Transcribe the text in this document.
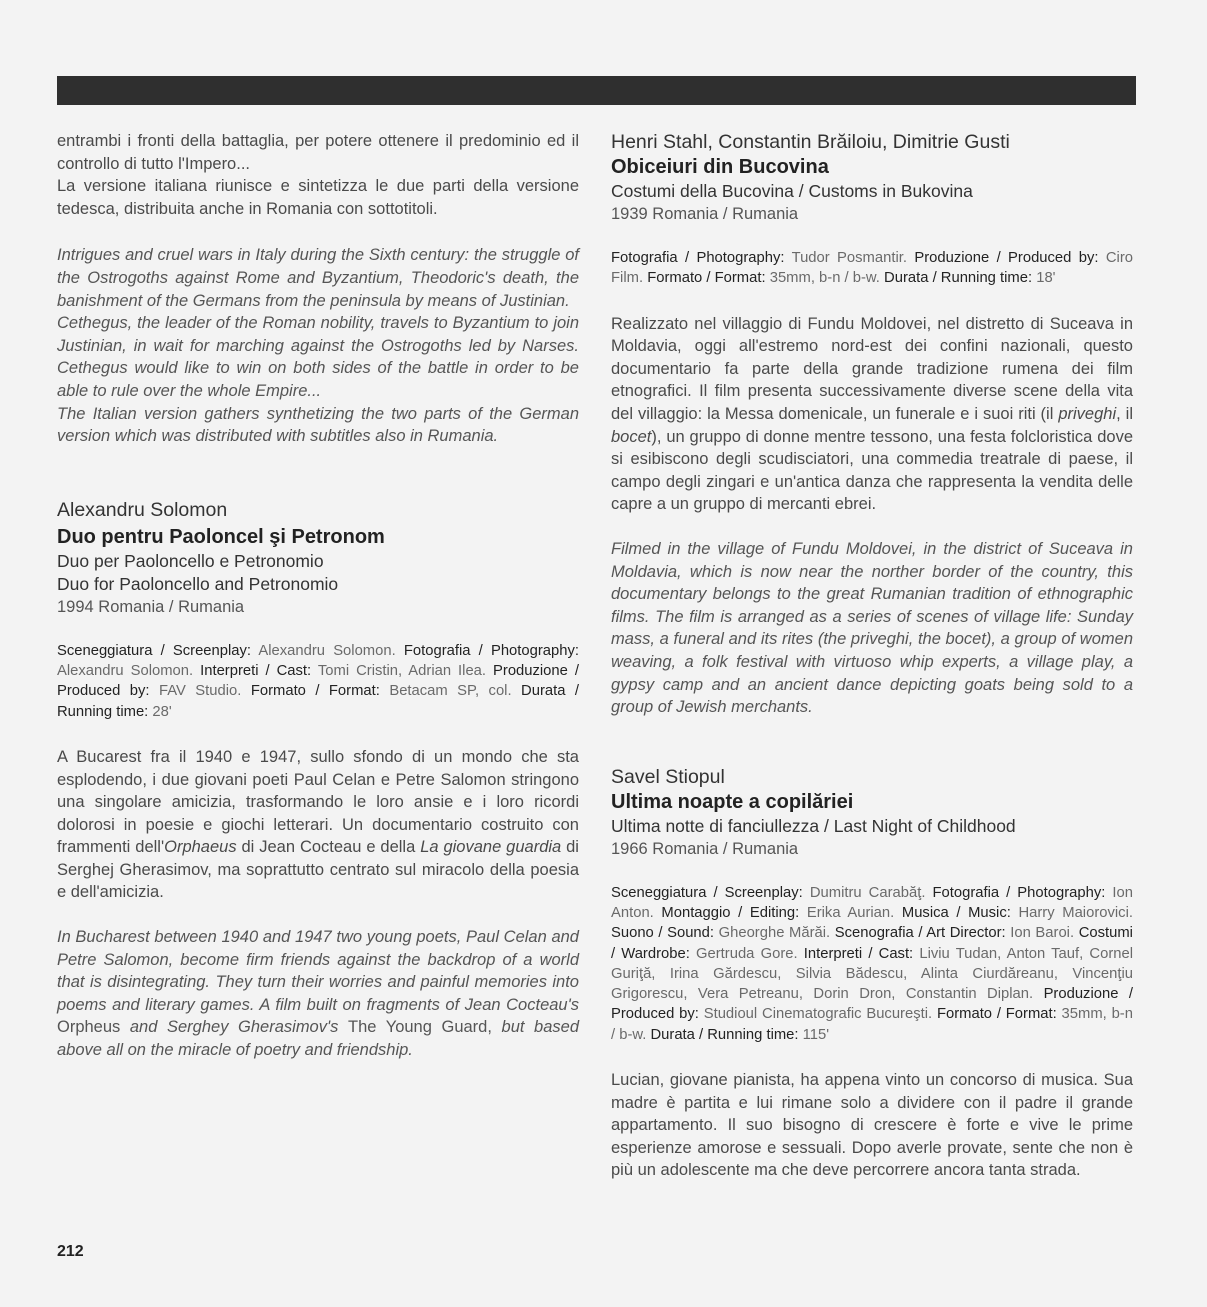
entrambi i fronti della battaglia, per potere ottenere il predominio ed il controllo di tutto l'Impero...

La versione italiana riunisce e sintetizza le due parti della versione tedesca, distribuita anche in Romania con sottotitoli.

Intrigues and cruel wars in Italy during the Sixth century: the struggle of the Ostrogoths against Rome and Byzantium, Theodoric's death, the banishment of the Germans from the peninsula by means of Justinian.

Cethegus, the leader of the Roman nobility, travels to Byzantium to join Justinian, in wait for marching against the Ostrogoths led by Narses. Cethegus would like to win on both sides of the battle in order to be able to rule over the whole Empire...

The Italian version gathers synthetizing the two parts of the German version which was distributed with subtitles also in Rumania.

Alexandru Solomon

Duo pentru Paoloncel şi Petronom

Duo per Paoloncello e Petronomio

Duo for Paoloncello and Petronomio

1994 Romania / Rumania

Sceneggiatura / Screenplay: Alexandru Solomon. Fotografia / Photography: Alexandru Solomon. Interpreti / Cast: Tomi Cristin, Adrian Ilea. Produzione / Produced by: FAV Studio. Formato / Format: Betacam SP, col. Durata / Running time: 28'

A Bucarest fra il 1940 e 1947, sullo sfondo di un mondo che sta esplodendo, i due giovani poeti Paul Celan e Petre Salomon stringono una singolare amicizia, trasformando le loro ansie e i loro ricordi dolorosi in poesie e giochi letterari. Un documentario costruito con frammenti dell'Orphaeus di Jean Cocteau e della La giovane guardia di Serghej Gherasimov, ma soprattutto centrato sul miracolo della poesia e dell'amicizia.

In Bucharest between 1940 and 1947 two young poets, Paul Celan and Petre Salomon, become firm friends against the backdrop of a world that is disintegrating. They turn their worries and painful memories into poems and literary games. A film built on fragments of Jean Cocteau's Orpheus and Serghey Gherasimov's The Young Guard, but based above all on the miracle of poetry and friendship.

Henri Stahl, Constantin Brăiloiu, Dimitrie Gusti

Obiceiuri din Bucovina

Costumi della Bucovina / Customs in Bukovina

1939 Romania / Rumania

Fotografia / Photography: Tudor Posmantir. Produzione / Produced by: Ciro Film. Formato / Format: 35mm, b-n / b-w. Durata / Running time: 18'

Realizzato nel villaggio di Fundu Moldovei, nel distretto di Suceava in Moldavia, oggi all'estremo nord-est dei confini nazionali, questo documentario fa parte della grande tradizione rumena dei film etnografici. Il film presenta successivamente diverse scene della vita del villaggio: la Messa domenicale, un funerale e i suoi riti (il priveghi, il bocet), un gruppo di donne mentre tessono, una festa folcloristica dove si esibiscono degli scudisciatori, una commedia treatrale di paese, il campo degli zingari e un'antica danza che rappresenta la vendita delle capre a un gruppo di mercanti ebrei.

Filmed in the village of Fundu Moldovei, in the district of Suceava in Moldavia, which is now near the norther border of the country, this documentary belongs to the great Rumanian tradition of ethnographic films. The film is arranged as a series of scenes of village life: Sunday mass, a funeral and its rites (the priveghi, the bocet), a group of women weaving, a folk festival with virtuoso whip experts, a village play, a gypsy camp and an ancient dance depicting goats being sold to a group of Jewish merchants.

Savel Stiopul

Ultima noapte a copilăriei

Ultima notte di fanciullezza / Last Night of Childhood

1966 Romania / Rumania

Sceneggiatura / Screenplay: Dumitru Carabăţ. Fotografia / Photography: Ion Anton. Montaggio / Editing: Erika Aurian. Musica / Music: Harry Maiorovici. Suono / Sound: Gheorghe Mărăi. Scenografia / Art Director: Ion Baroi. Costumi / Wardrobe: Gertruda Gore. Interpreti / Cast: Liviu Tudan, Anton Tauf, Cornel Guriţă, Irina Gărdescu, Silvia Bădescu, Alinta Ciurdăreanu, Vincenţiu Grigorescu, Vera Petreanu, Dorin Dron, Constantin Diplan. Produzione / Produced by: Studioul Cinematografic Bucureşti. Formato / Format: 35mm, b-n / b-w. Durata / Running time: 115'

Lucian, giovane pianista, ha appena vinto un concorso di musica. Sua madre è partita e lui rimane solo a dividere con il padre il grande appartamento. Il suo bisogno di crescere è forte e vive le prime esperienze amorose e sessuali. Dopo averle provate, sente che non è più un adolescente ma che deve percorrere ancora tanta strada.

212
